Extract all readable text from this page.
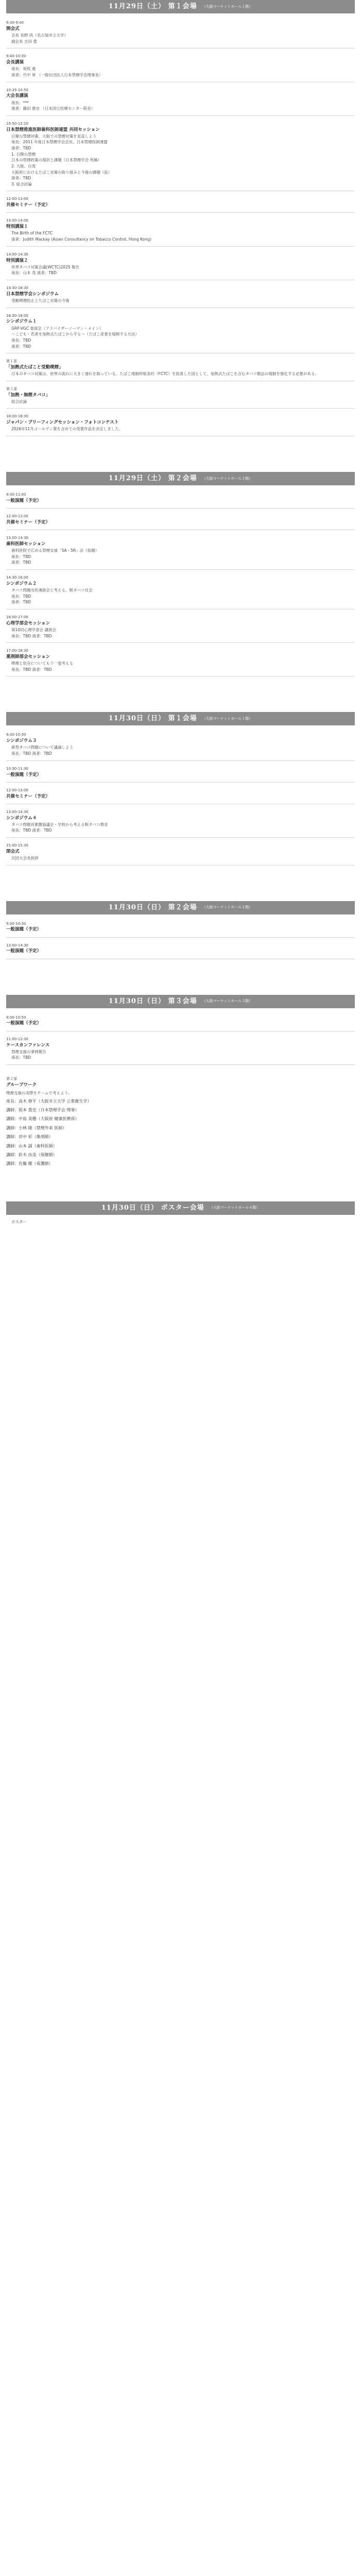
11月29日（土） 第１会場 （大阪マーケットホール１階）
9:30-9:40
開会式
会長 長野 尚（名古屋市立大学）
副会長 吉田 豊
9:40-10:30
会長講演
座長：坂牧 進
演者：竹中 昇 （一般社団法人日本禁煙学会理事長）
10:35-10:50
大会長講演
座長：***
演者：藤田 貴史 （日本国立医療センター院長）
10:50-12:20
日本禁煙推進医師歯科医師連盟 共同セッション
日韓台禁煙対策、大阪での禁煙対策を見直しよう
座長：2011 年度日本禁煙学会会長、日本禁煙医師連盟
演者：TBD
1. 日韓台禁煙
日本の禁煙政策の現状と課題（日本禁煙学会 所属）
2. 大阪、台湾
大阪府におけるたばこ対策の取り組みと今後の課題（仮）
演者：TBD
3. 総合討論
12:00-13:00
共催セミナー（予定）
13:00-14:00
特別講演１
The Birth of the FCTC
演者：Judith Mackay (Asian Consultancy on Tobacco Control, Hong Kong)
14:00-14:30
特別講演２
世界タバコ対策会議(WCTC)2025 報告
座長：山本 茂 演者：TBD
14:30-16:30
日本禁煙学会シンポジウム
受動喫煙防止とたばこ対策の今後
16:30-18:00
シンポジウム１
GRP-VGC 委員会（アドバイザーノーマン・メイン）
〜こども・若者を加熱式たばこから守る〜（たばこ産業を規制する方法）
座長：TBD
演者：TBD
第１部
「加熱式たばこと受動喫煙」
日本のタバコ対策は、世界の流れに大きく遅れを取っている。たばこ規制枠組条約（FCTC）を批准した国として、加熱式たばこを含むタバコ製品の規制を強化する必要がある。
第２部
「加熱・無煙タバコ」
総合討論
18:00-18:30
ジャパン・ブリーフィングセッション・フォトコンテスト
2026年11月ゴールデン賞を含めての受賞作品を決定しました。
11月29日（土） 第２会場 （大阪マーケットホール２階）
9:30-11:00
一般演題（予定）
12:00-13:00
共催セミナー（予定）
13:00-14:30
歯科医師セッション
歯科医院で広める禁煙支援「5A・5R」法（仮題）
座長：TBD
演者：TBD
14:30-16:00
シンポジウム２
タバコ問題市民連絡会と考える、脱タバコ社会
座長：TBD
演者：TBD
16:00-17:00
心理学部会セッション
第10回心理学部会 講演会
座長：TBD 演者：TBD
17:00-18:30
薬剤師部会セッション
喫煙と依存についてもう一度考える
座長：TBD 演者：TBD
11月30日（日） 第１会場 （大阪マーケットホール１階）
9:30-10:30
シンポジウム３
新型タバコ問題について議論しよう
座長：TBD 演者：TBD
10:30-11:30
一般演題（予定）
12:00-13:00
共催セミナー（予定）
13:00-14:30
シンポジウム４
タバコ問題首都圏協議会・学校から考える脱タバコ教育
座長：TBD 演者：TBD
15:00-15:30
閉会式
次回大会長挨拶
11月30日（日） 第２会場 （大阪マーケットホール２階）
9:30-10:30
一般演題（予定）
13:00-14:30
一般演題（予定）
11月30日（日） 第３会場 （大阪マーケットホール３階）
9:30-10:50
一般演題（予定）
11:00-12:30
ケースカンファレンス
禁煙支援の事例報告
座長：TBD
第２部
グループワーク
喫煙支援の実際をチームで考えよう。
座長：高木 修平（大阪市立大学 公衆衛生学）
講師：坂本 貴史（日本禁煙学会 理事）
講師：中島 美穂（大阪府 健康医療部）
講師：小林 隆（禁煙外来 医師）
講師：田中 彩（薬剤師）
講師：山本 誠（歯科医師）
講師：鈴木 由美（保健師）
講師：佐藤 健（看護師）
11月30日（日） ポスター会場 （大阪マーケットホール４階）
ポスター
